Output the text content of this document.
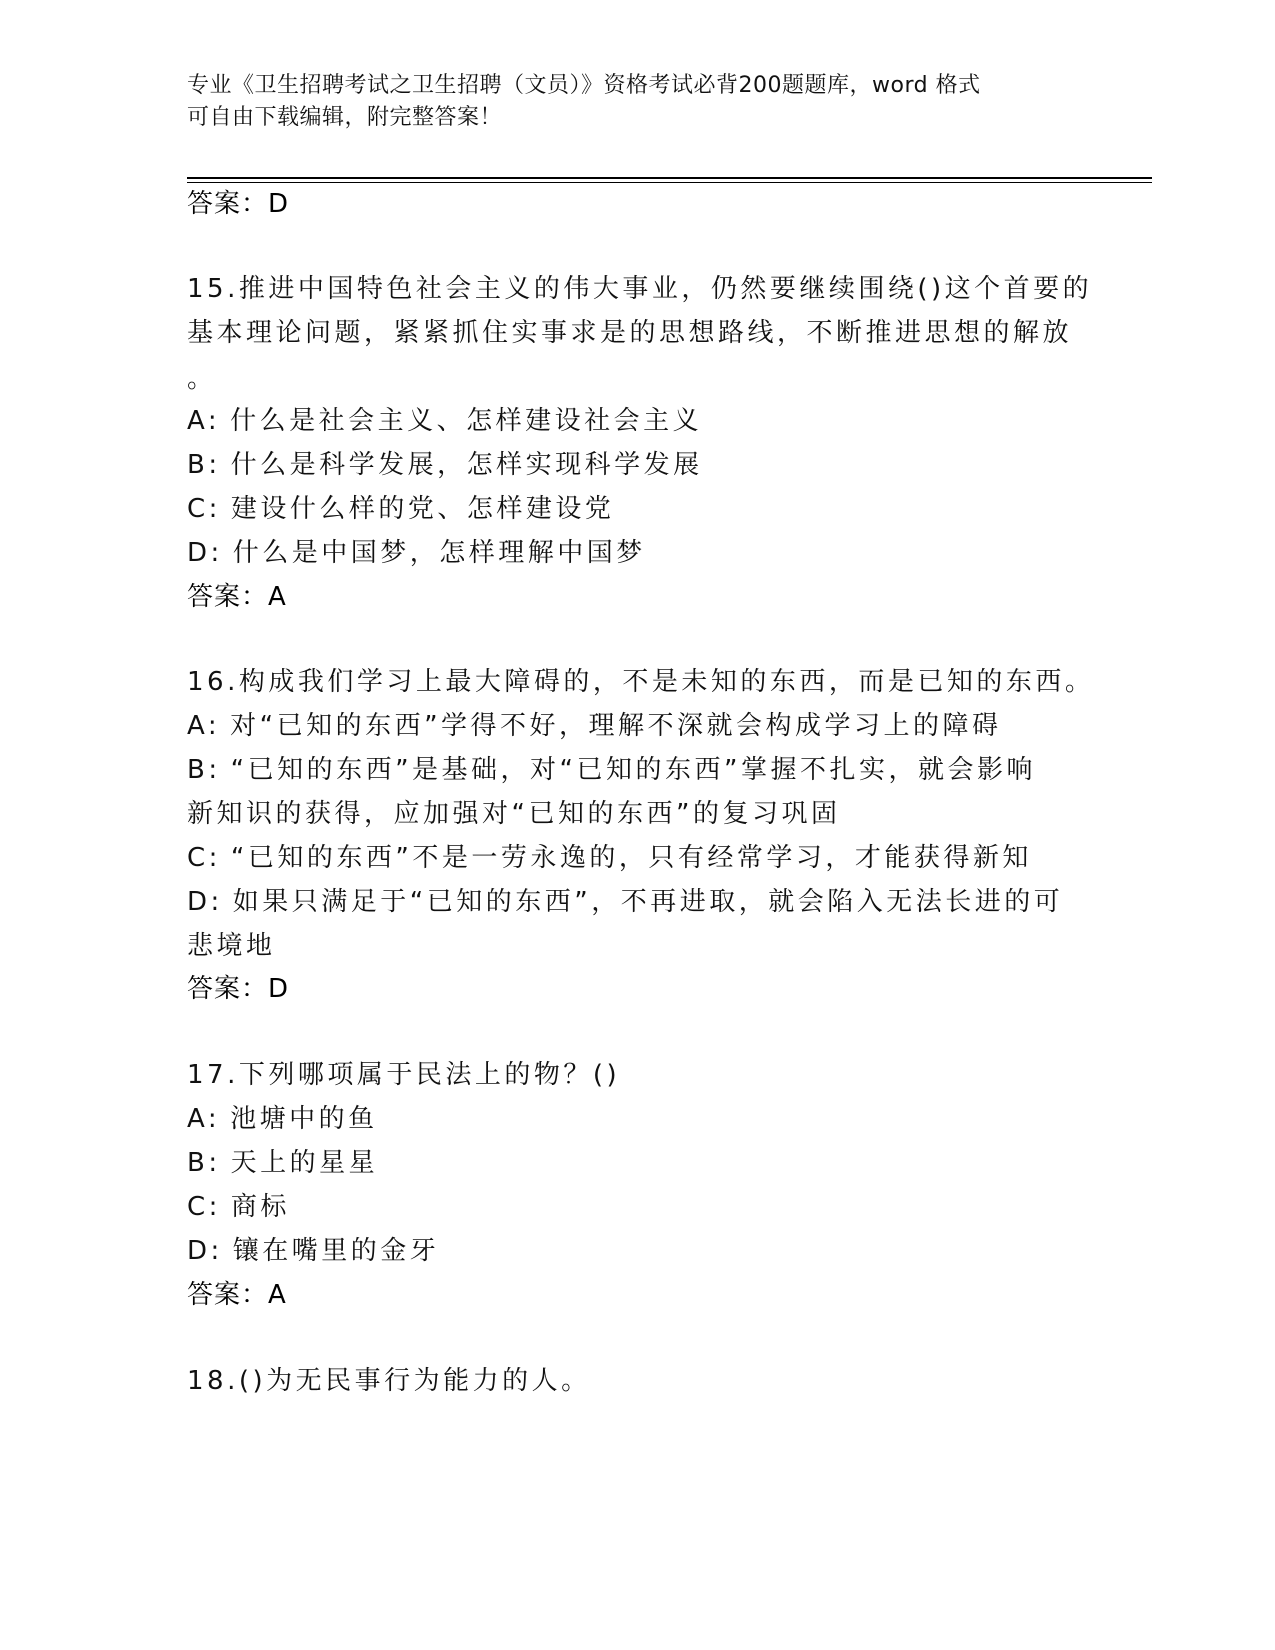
专业《卫生招聘考试之卫生招聘（文员）》资格考试必背200题题库，word 格式
可自由下载编辑，附完整答案！
答案：D
15.推进中国特色社会主义的伟大事业，仍然要继续围绕()这个首要的
基本理论问题，紧紧抓住实事求是的思想路线，不断推进思想的解放
。
A: 什么是社会主义、怎样建设社会主义
B: 什么是科学发展，怎样实现科学发展
C: 建设什么样的党、怎样建设党
D: 什么是中国梦，怎样理解中国梦
答案：A
16.构成我们学习上最大障碍的，不是未知的东西，而是已知的东西。
A: 对“已知的东西”学得不好，理解不深就会构成学习上的障碍
B: “已知的东西”是基础，对“已知的东西”掌握不扎实，就会影响
新知识的获得，应加强对“已知的东西”的复习巩固
C: “已知的东西”不是一劳永逸的，只有经常学习，才能获得新知
D: 如果只满足于“已知的东西”，不再进取，就会陷入无法长进的可
悲境地
答案：D
17.下列哪项属于民法上的物？()
A: 池塘中的鱼
B: 天上的星星
C: 商标
D: 镶在嘴里的金牙
答案：A
18.()为无民事行为能力的人。
